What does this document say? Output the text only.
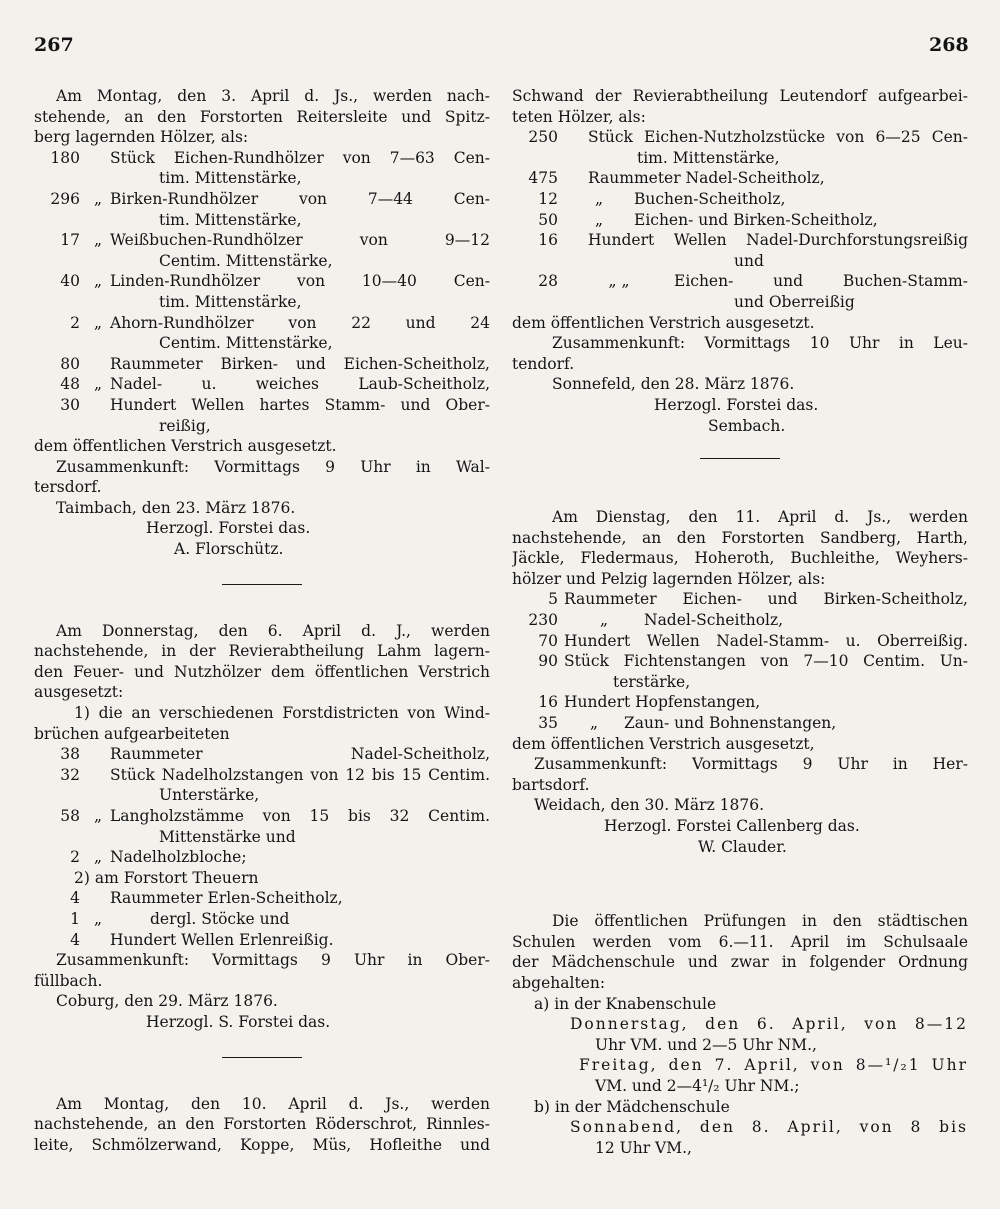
267	268
Am Montag, den 3. April d. Js., werden nach-
stehende, an den Forstorten Reitersleite und Spitz-
berg lagernden Hölzer, als:
180	Stück Eichen-Rundhölzer von 7—63 Cen-
tim. Mittenstärke,
296 „ Birken-Rundhölzer von 7—44 Cen-
tim. Mittenstärke,
17 „ Weißbuchen-Rundhölzer von 9—12
Centim. Mittenstärke,
40 „ Linden-Rundhölzer von 10—40 Cen-
tim. Mittenstärke,
2 „ Ahorn-Rundhölzer von 22 und 24
Centim. Mittenstärke,
80	Raummeter Birken- und Eichen-Scheitholz,
48 „ Nadel- u. weiches Laub-Scheitholz,
30	Hundert Wellen hartes Stamm- und Ober-
reißig,
dem öffentlichen Verstrich ausgesetzt.
Zusammenkunft: Vormittags 9 Uhr in Wal-
tersdorf.
Taimbach, den 23. März 1876.
Herzogl. Forstei das.
A. Florschütz.
Am Donnerstag, den 6. April d. J., werden
nachstehende, in der Revierabtheilung Lahm lagern-
den Feuer- und Nutzhölzer dem öffentlichen Verstrich
ausgesetzt:
1) die an verschiedenen Forstdistricten von Wind-
brüchen aufgearbeiteten
38	Raummeter Nadel-Scheitholz,
32	Stück Nadelholzstangen von 12 bis 15 Centim.
Unterstärke,
58 „ Langholzstämme von 15 bis 32 Centim.
Mittenstärke und
2 „ Nadelholzbloche;
2) am Forstort Theuern
4	Raummeter Erlen-Scheitholz,
1 „	dergl. Stöcke und
4	Hundert Wellen Erlenreißig.
Zusammenkunft: Vormittags 9 Uhr in Ober-
füllbach.
Coburg, den 29. März 1876.
Herzogl. S. Forstei das.
Am Montag, den 10. April d. Js., werden
nachstehende, an den Forstorten Röderschrot, Rinnles-
leite, Schmölzerwand, Koppe, Müs, Hofleithe und
Schwand der Revierabtheilung Leutendorf aufgearbei-
teten Hölzer, als:
250	Stück Eichen-Nutzholzstücke von 6—25 Cen-
tim. Mittenstärke,
475	Raummeter Nadel-Scheitholz,
12	„	Buchen-Scheitholz,
50	„	Eichen- und Birken-Scheitholz,
16	Hundert Wellen Nadel-Durchforstungsreißig
und
28	„ „	Eichen- und Buchen-Stamm-
und Oberreißig
dem öffentlichen Verstrich ausgesetzt.
Zusammenkunft: Vormittags 10 Uhr in Leu-
tendorf.
Sonnefeld, den 28. März 1876.
Herzogl. Forstei das.
Sembach.
Am Dienstag, den 11. April d. Js., werden
nachstehende, an den Forstorten Sandberg, Harth,
Jäckle, Fledermaus, Hoheroth, Buchleithe, Weyhers-
hölzer und Pelzig lagernden Hölzer, als:
5 Raummeter Eichen- und Birken-Scheitholz,
230	„	Nadel-Scheitholz,
70 Hundert Wellen Nadel-Stamm- u. Oberreißig.
90 Stück Fichtenstangen von 7—10 Centim. Un-
terstärke,
16 Hundert Hopfenstangen,
35	„	Zaun- und Bohnenstangen,
dem öffentlichen Verstrich ausgesetzt,
Zusammenkunft: Vormittags 9 Uhr in Her-
bartsdorf.
Weidach, den 30. März 1876.
Herzogl. Forstei Callenberg das.
W. Clauder.
Die öffentlichen Prüfungen in den städtischen
Schulen werden vom 6.—11. April im Schulsaale
der Mädchenschule und zwar in folgender Ordnung
abgehalten:
a) in der Knabenschule
Donnerstag, den 6. April, von 8—12
Uhr VM. und 2—5 Uhr NM.,
Freitag, den 7. April, von 8—¹/₂1 Uhr
VM. und 2—4¹/₂ Uhr NM.;
b) in der Mädchenschule
Sonnabend, den 8. April, von 8 bis
12 Uhr VM.,
